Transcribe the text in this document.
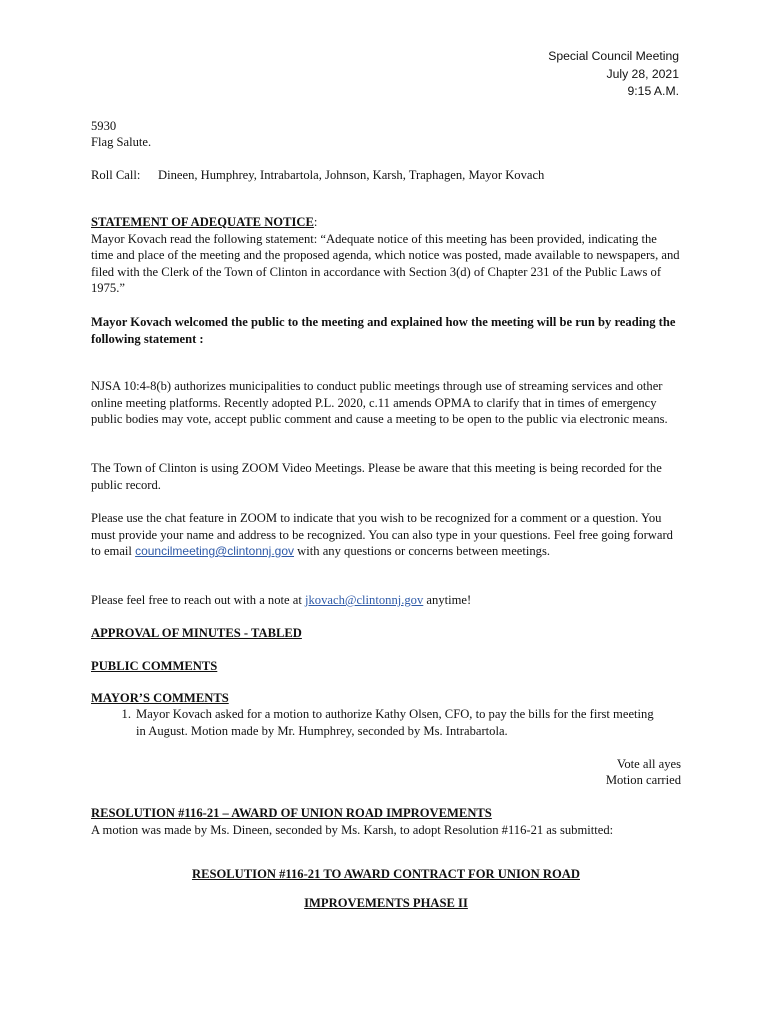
Special Council Meeting
July 28, 2021
9:15 A.M.
5930
Flag Salute.
Roll Call: Dineen, Humphrey, Intrabartola, Johnson, Karsh, Traphagen, Mayor Kovach
STATEMENT OF ADEQUATE NOTICE:
Mayor Kovach read the following statement: “Adequate notice of this meeting has been provided, indicating the time and place of the meeting and the proposed agenda, which notice was posted, made available to newspapers, and filed with the Clerk of the Town of Clinton in accordance with Section 3(d) of Chapter 231 of the Public Laws of 1975.”
Mayor Kovach welcomed the public to the meeting and explained how the meeting will be run by reading the following statement :
NJSA 10:4-8(b) authorizes municipalities to conduct public meetings through use of streaming services and other online meeting platforms. Recently adopted P.L. 2020, c.11 amends OPMA to clarify that in times of emergency public bodies may vote, accept public comment and cause a meeting to be open to the public via electronic means.
The Town of Clinton is using ZOOM Video Meetings. Please be aware that this meeting is being recorded for the public record.
Please use the chat feature in ZOOM to indicate that you wish to be recognized for a comment or a question. You must provide your name and address to be recognized. You can also type in your questions. Feel free going forward to email councilmeeting@clintonnj.gov with any questions or concerns between meetings.
Please feel free to reach out with a note at jkovach@clintonnj.gov anytime!
APPROVAL OF MINUTES - TABLED
PUBLIC COMMENTS
MAYOR’S COMMENTS
1. Mayor Kovach asked for a motion to authorize Kathy Olsen, CFO, to pay the bills for the first meeting in August. Motion made by Mr. Humphrey, seconded by Ms. Intrabartola.
Vote all ayes
Motion carried
RESOLUTION #116-21 – AWARD OF UNION ROAD IMPROVEMENTS
A motion was made by Ms. Dineen, seconded by Ms. Karsh, to adopt Resolution #116-21 as submitted:
RESOLUTION #116-21 TO AWARD CONTRACT FOR UNION ROAD
IMPROVEMENTS PHASE II
